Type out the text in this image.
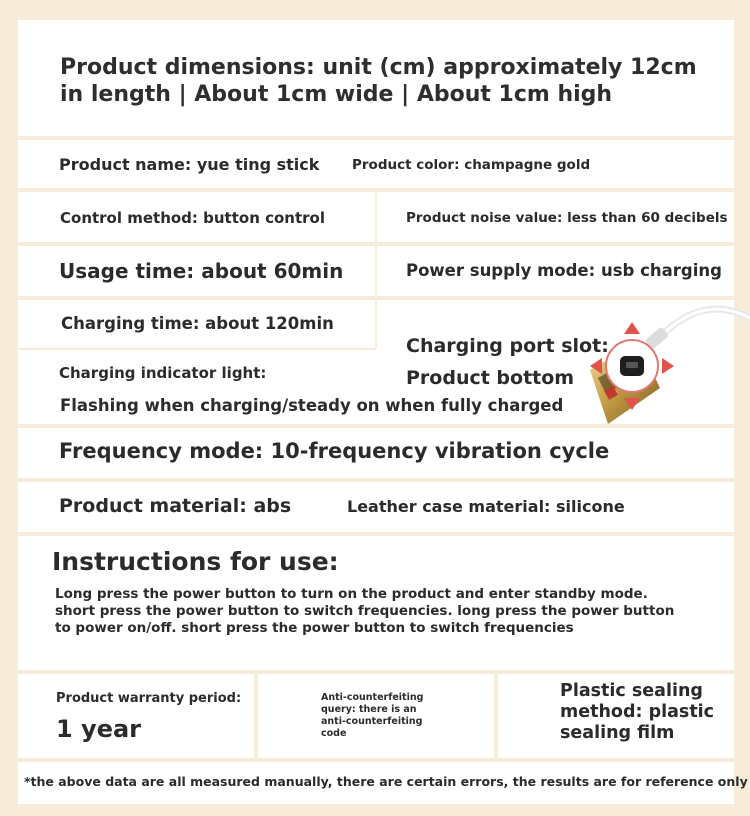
Product dimensions: unit (cm) approximately 12cm in length | About 1cm wide | About 1cm high
Product name: yue ting stick Product color: champagne gold
Control method: button control	Product noise value: less than 60 decibels
Usage time: about 60min	Power supply mode: usb charging
Charging time: about 120min
Charging indicator light:
Flashing when charging/steady on when fully charged
Charging port slot:
Product bottom
Frequency mode: 10-frequency vibration cycle
Product material: abs	Leather case material: silicone
Instructions for use:
Long press the power button to turn on the product and enter standby mode.
short press the power button to switch frequencies. long press the power button
to power on/off. short press the power button to switch frequencies
Product warranty period:
1 year
Anti-counterfeiting
query: there is an
anti-counterfeiting
code
Plastic sealing
method: plastic
sealing film
*the above data are all measured manually, there are certain errors, the results are for reference only
